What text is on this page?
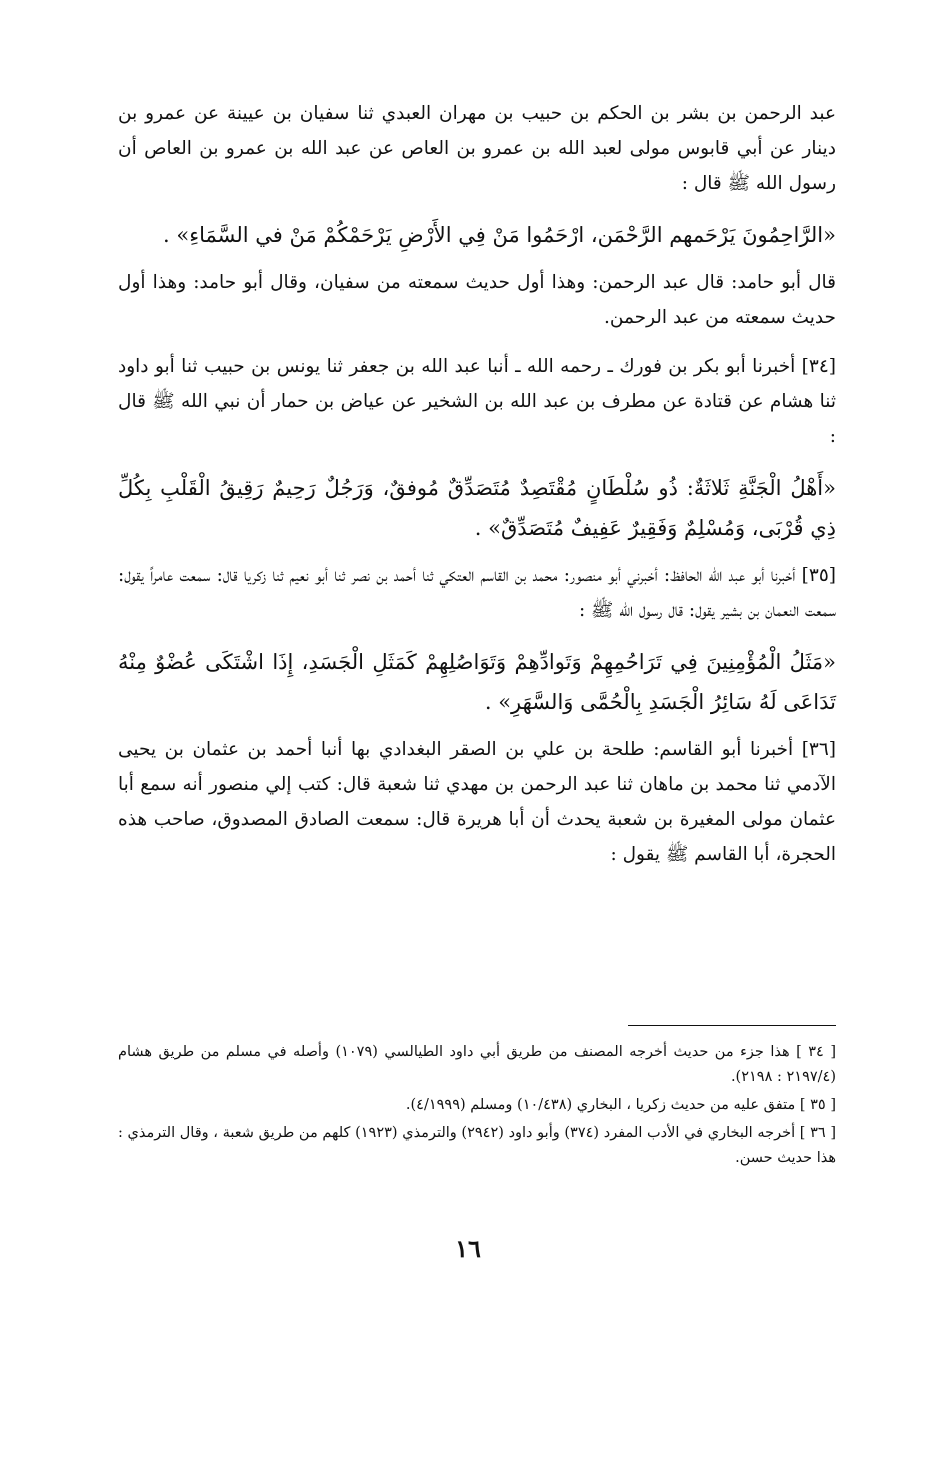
عبد الرحمن بن بشر بن الحكم بن حبيب بن مهران العبدي ثنا سفيان بن عيينة عن عمرو بن دينار عن أبي قابوس مولى لعبد الله بن عمرو بن العاص عن عبد الله بن عمرو بن العاص أن رسول الله ﷺ قال :

«الرَّاحِمُونَ يَرْحَمهم الرَّحْمَن، ارْحَمُوا مَنْ فِي الأَرْضِ يَرْحَمْكُمْ مَنْ في السَّمَاءِ» .

قال أبو حامد: قال عبد الرحمن: وهذا أول حديث سمعته من سفيان، وقال أبو حامد: وهذا أول حديث سمعته من عبد الرحمن.

[٣٤] أخبرنا أبو بكر بن فورك ـ رحمه الله ـ أنبا عبد الله بن جعفر ثنا يونس بن حبيب ثنا أبو داود ثنا هشام عن قتادة عن مطرف بن عبد الله بن الشخير عن عياض بن حمار أن نبي الله ﷺ قال :

«أَهْلُ الْجَنَّةِ ثَلاثَةٌ: ذُو سُلْطَانٍ مُقْتَصِدٌ مُتَصَدِّقٌ مُوفقٌ، وَرَجُلٌ رَحِيمٌ رَقِيقُ الْقَلْبِ بِكُلِّ ذِي قُرْبَى، وَمُسْلِمٌ وَفَقِيرٌ عَفِيفٌ مُتَصَدِّقٌ» .

[٣٥] أخبرنا أبو عبد الله الحافظ: أخبرني أبو منصور: محمد بن القاسم العتكي ثنا أحمد بن نصر ثنا أبو نعيم ثنا زكريا قال: سمعت عامراً يقول: سمعت النعمان بن بشير يقول: قال رسول الله ﷺ :

«مَثَلُ الْمُؤْمِنِينَ فِي تَرَاحُمِهِمْ وَتَوادِّهِمْ وَتَوَاصُلِهِمْ كَمَثَلِ الْجَسَدِ، إِذَا اشْتَكَى عُضْوٌ مِنْهُ تَدَاعَى لَهُ سَائِرُ الْجَسَدِ بِالْحُمَّى وَالسَّهَرِ» .

[٣٦] أخبرنا أبو القاسم: طلحة بن علي بن الصقر البغدادي بها أنبا أحمد بن عثمان بن يحيى الآدمي ثنا محمد بن ماهان ثنا عبد الرحمن بن مهدي ثنا شعبة قال: كتب إلي منصور أنه سمع أبا عثمان مولى المغيرة بن شعبة يحدث أن أبا هريرة قال: سمعت الصادق المصدوق، صاحب هذه الحجرة، أبا القاسم ﷺ يقول :

[ ٣٤ ] هذا جزء من حديث أخرجه المصنف من طريق أبي داود الطيالسي (١٠٧٩) وأصله في مسلم من طريق هشام (٢١٩٧/٤ : ٢١٩٨).

[ ٣٥ ] متفق عليه من حديث زكريا ، البخاري (١٠/٤٣٨) ومسلم (٤/١٩٩٩).

[ ٣٦ ] أخرجه البخاري في الأدب المفرد (٣٧٤) وأبو داود (٢٩٤٢) والترمذي (١٩٢٣) كلهم من طريق شعبة ، وقال الترمذي : هذا حديث حسن.

١٦
